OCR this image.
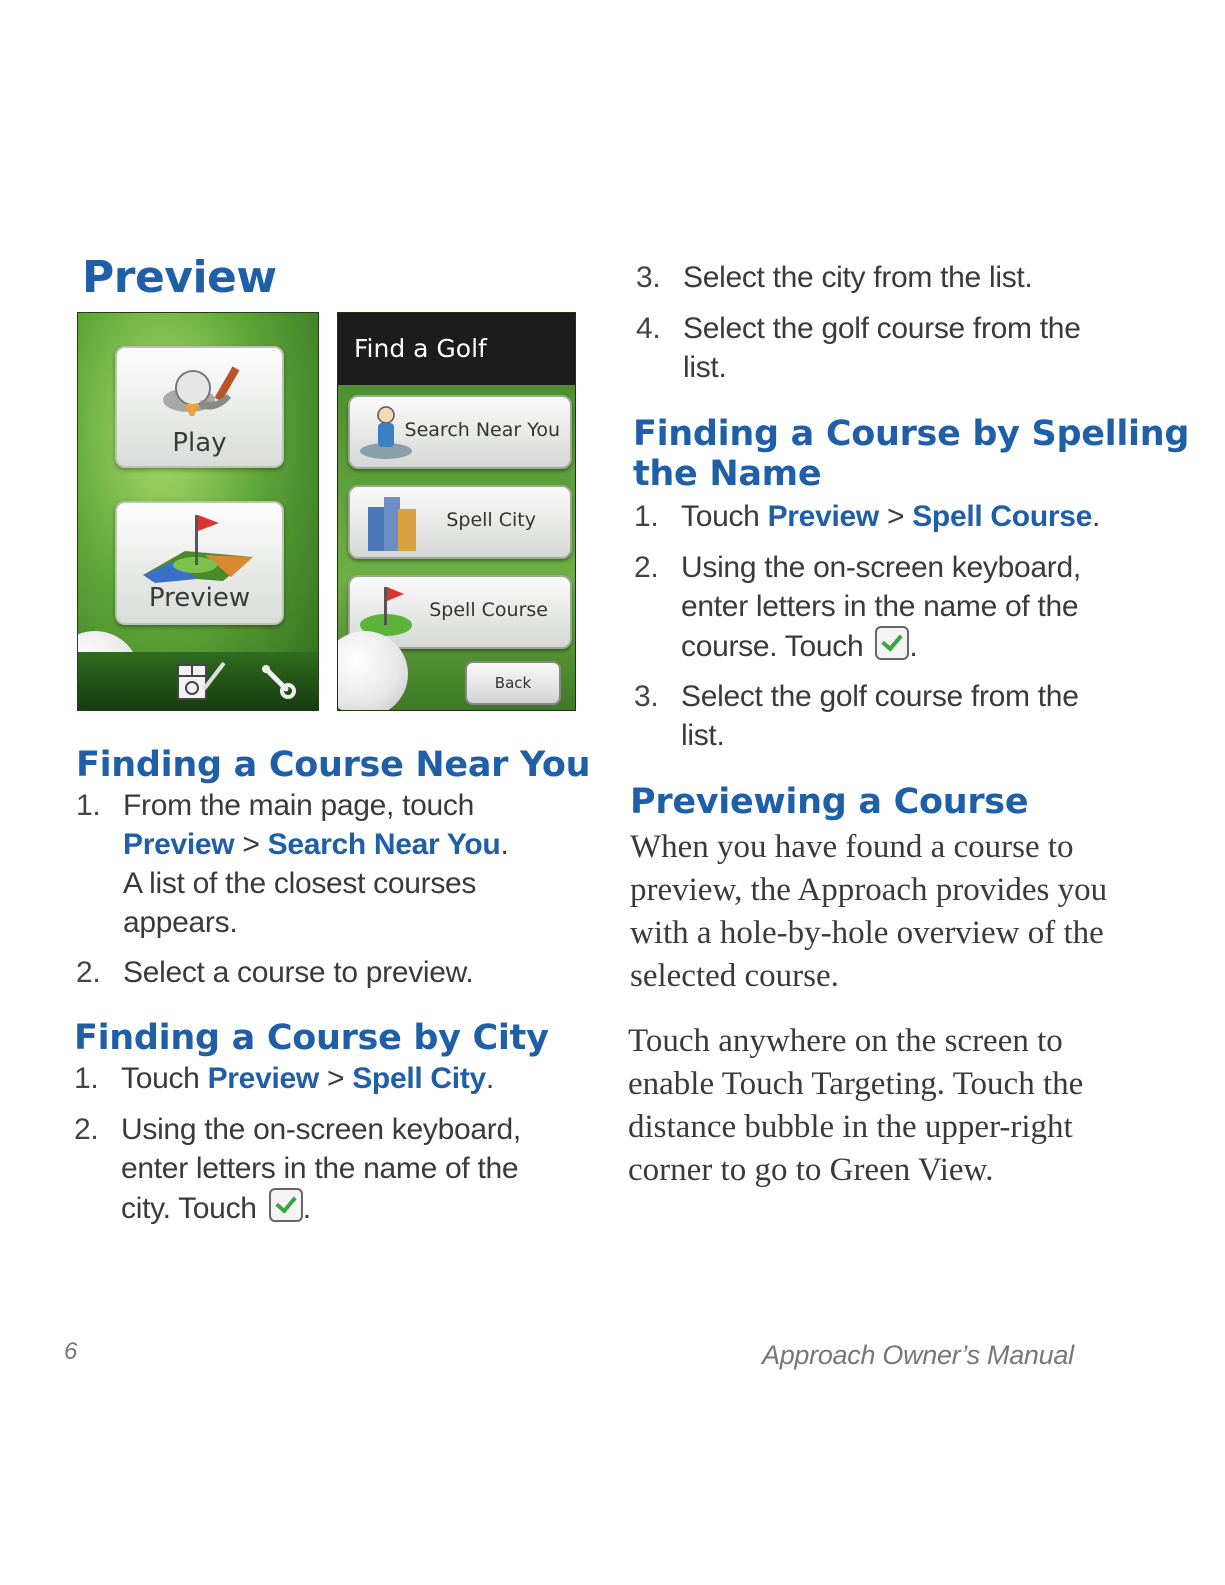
Preview
Play
Preview
Find a Golf
Search Near You
Spell City
Spell Course
Back
Finding a Course Near You
1. From the main page, touch
Preview > Search Near You.
A list of the closest courses
appears.
2. Select a course to preview.
Finding a Course by City
1. Touch Preview > Spell City.
2. Using the on-screen keyboard,
enter letters in the name of the
city. Touch .
3. Select the city from the list.
4. Select the golf course from the
list.
Finding a Course by Spelling
the Name
1. Touch Preview > Spell Course.
2. Using the on-screen keyboard,
enter letters in the name of the
course. Touch .
3. Select the golf course from the
list.
Previewing a Course
When you have found a course to
preview, the Approach provides you
with a hole-by-hole overview of the
selected course.
Touch anywhere on the screen to
enable Touch Targeting. Touch the
distance bubble in the upper-right
corner to go to Green View.
6	Approach Owner’s Manual
